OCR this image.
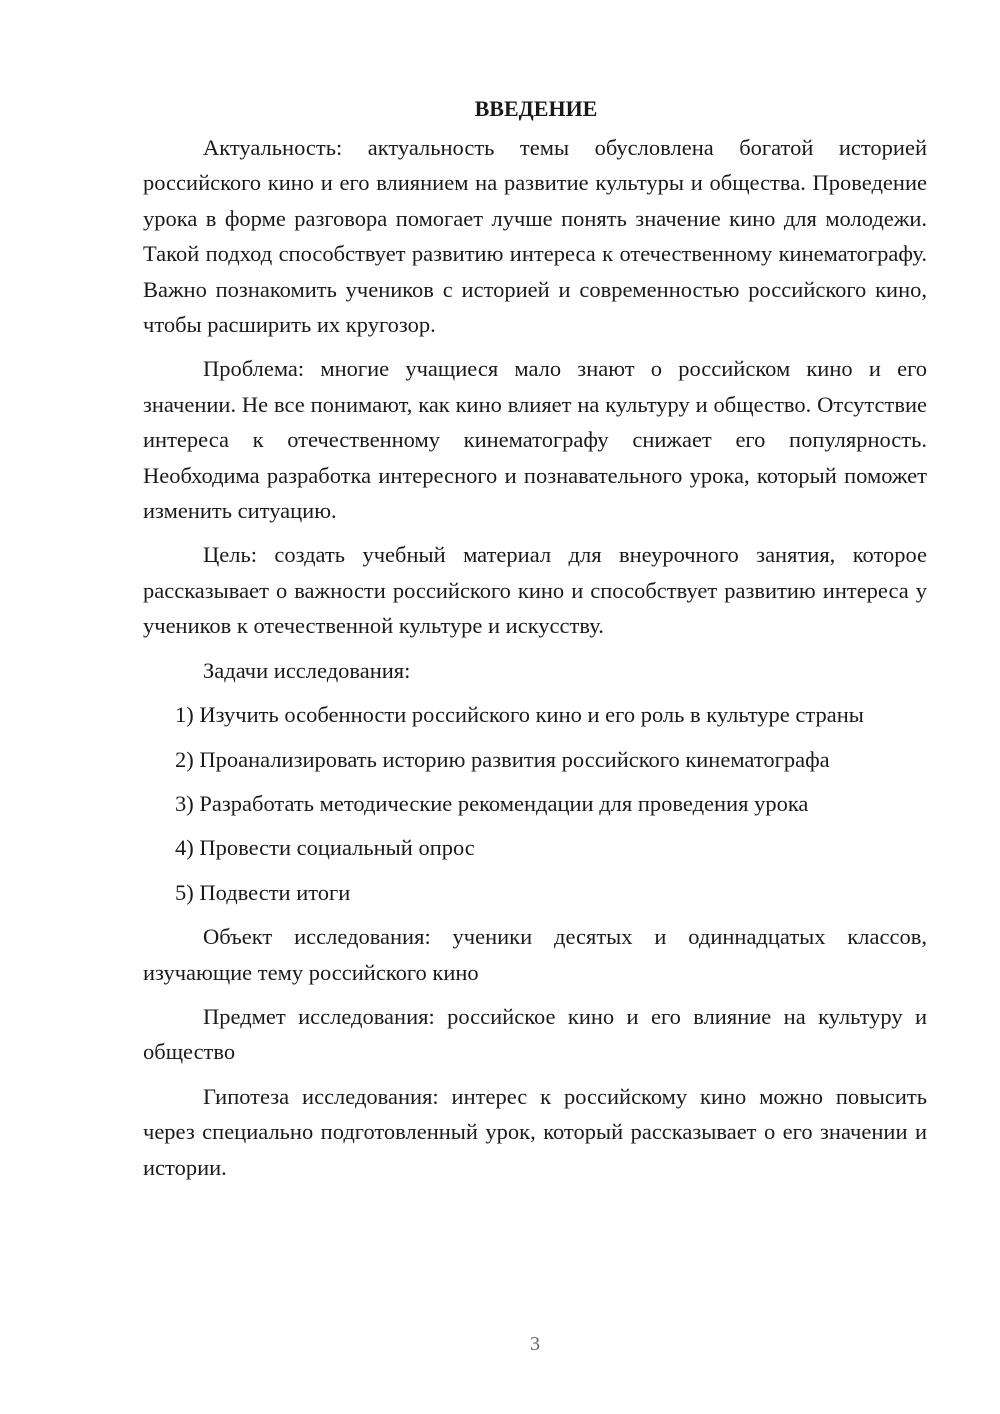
ВВЕДЕНИЕ

Актуальность: актуальность темы обусловлена богатой историей российского кино и его влиянием на развитие культуры и общества. Проведение урока в форме разговора помогает лучше понять значение кино для молодежи. Такой подход способствует развитию интереса к отечественному кинематографу. Важно познакомить учеников с историей и современностью российского кино, чтобы расширить их кругозор.

Проблема: многие учащиеся мало знают о российском кино и его значении. Не все понимают, как кино влияет на культуру и общество. Отсутствие интереса к отечественному кинематографу снижает его популярность. Необходима разработка интересного и познавательного урока, который поможет изменить ситуацию.

Цель: создать учебный материал для внеурочного занятия, которое рассказывает о важности российского кино и способствует развитию интереса у учеников к отечественной культуре и искусству.

Задачи исследования:

1) Изучить особенности российского кино и его роль в культуре страны

2) Проанализировать историю развития российского кинематографа

3) Разработать методические рекомендации для проведения урока

4) Провести социальный опрос

5) Подвести итоги

Объект исследования: ученики десятых и одиннадцатых классов, изучающие тему российского кино

Предмет исследования: российское кино и его влияние на культуру и общество

Гипотеза исследования: интерес к российскому кино можно повысить через специально подготовленный урок, который рассказывает о его значении и истории.

3
